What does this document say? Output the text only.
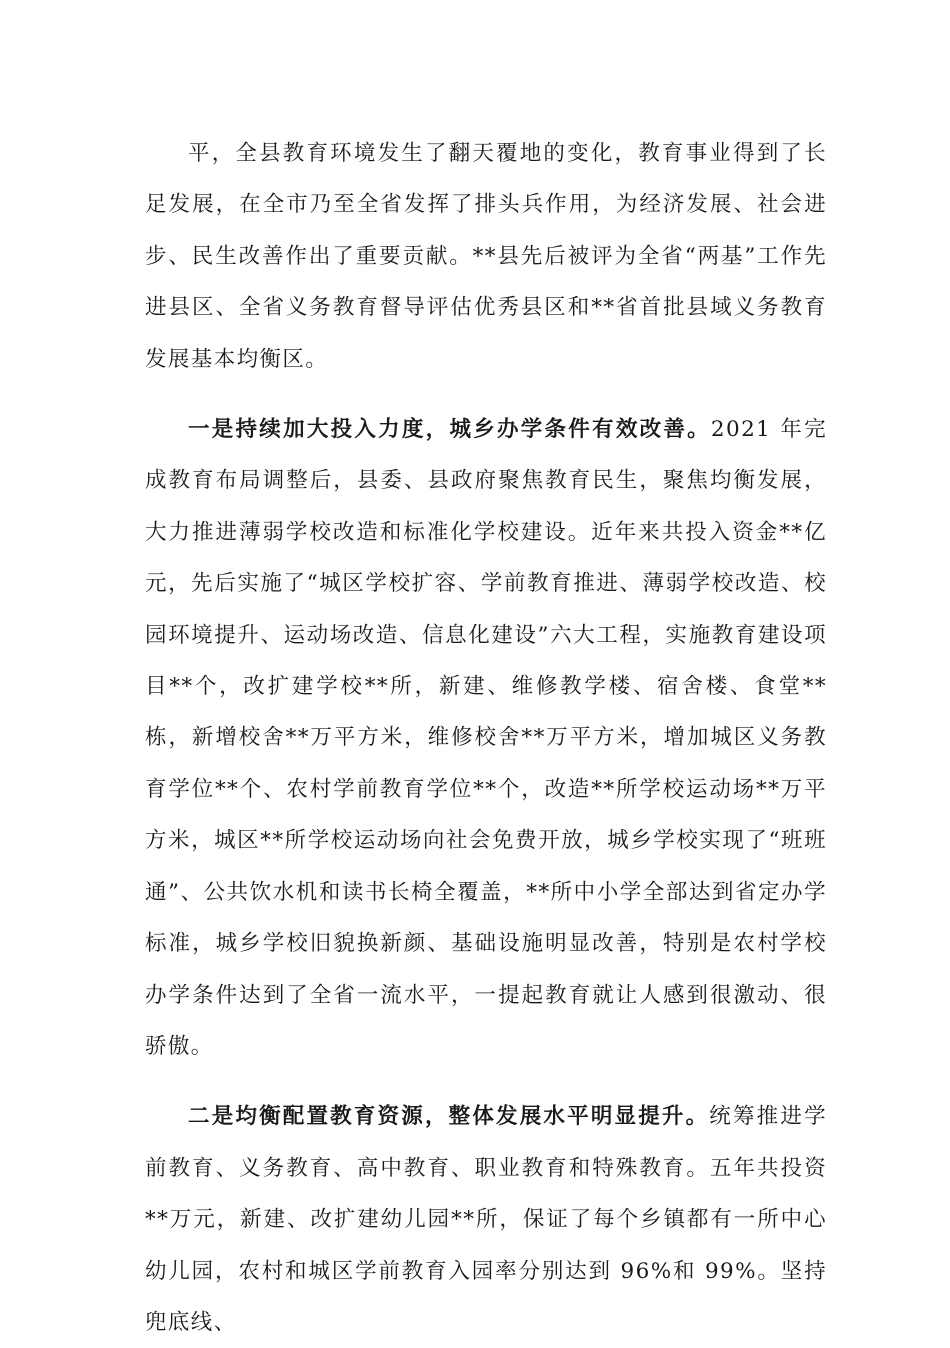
平，全县教育环境发生了翻天覆地的变化，教育事业得到了长足发展，在全市乃至全省发挥了排头兵作用，为经济发展、社会进步、民生改善作出了重要贡献。**县先后被评为全省“两基”工作先进县区、全省义务教育督导评估优秀县区和**省首批县域义务教育发展基本均衡区。

一是持续加大投入力度，城乡办学条件有效改善。2021 年完成教育布局调整后，县委、县政府聚焦教育民生，聚焦均衡发展，大力推进薄弱学校改造和标准化学校建设。近年来共投入资金**亿元，先后实施了“城区学校扩容、学前教育推进、薄弱学校改造、校园环境提升、运动场改造、信息化建设”六大工程，实施教育建设项目**个，改扩建学校**所，新建、维修教学楼、宿舍楼、食堂**栋，新增校舍**万平方米，维修校舍**万平方米，增加城区义务教育学位**个、农村学前教育学位**个，改造**所学校运动场**万平方米，城区**所学校运动场向社会免费开放，城乡学校实现了“班班通”、公共饮水机和读书长椅全覆盖，**所中小学全部达到省定办学标准，城乡学校旧貌换新颜、基础设施明显改善，特别是农村学校办学条件达到了全省一流水平，一提起教育就让人感到很激动、很骄傲。

二是均衡配置教育资源，整体发展水平明显提升。统筹推进学前教育、义务教育、高中教育、职业教育和特殊教育。五年共投资**万元，新建、改扩建幼儿园**所，保证了每个乡镇都有一所中心幼儿园，农村和城区学前教育入园率分别达到 96%和 99%。坚持兜底线、
